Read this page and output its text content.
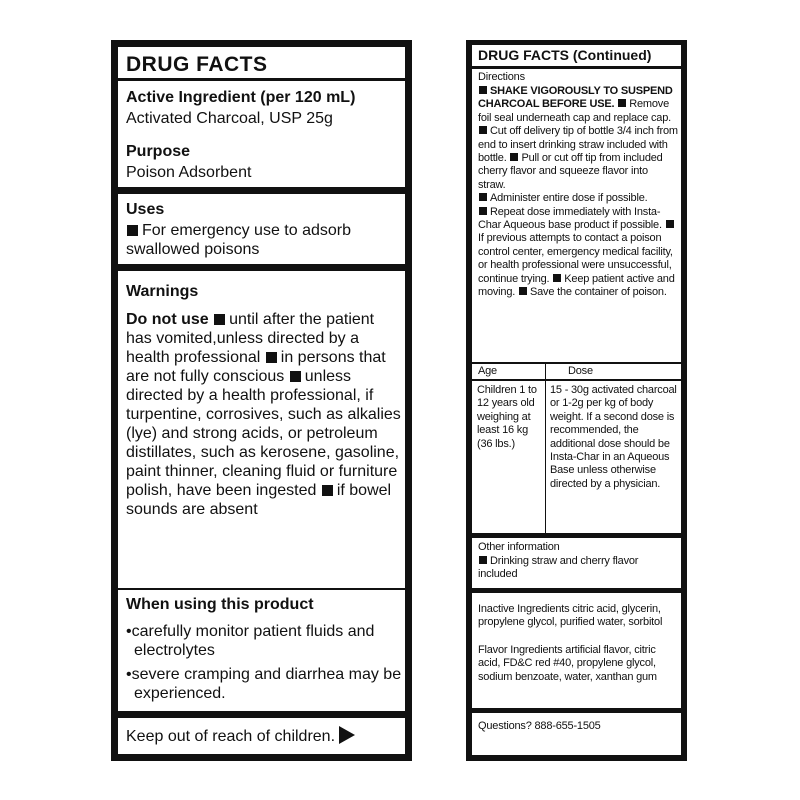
DRUG FACTS
Active Ingredient (per 120 mL)
Activated Charcoal, USP 25g
Purpose
Poison Adsorbent
Uses
For emergency use to adsorb swallowed poisons
Warnings
Do not use until after the patient has vomited,unless directed by a health professional in persons that are not fully conscious unless directed by a health professional, if turpentine, corrosives, such as alkalies (lye) and strong acids, or petroleum distillates, such as kerosene, gasoline, paint thinner, cleaning fluid or furniture polish, have been ingested if bowel sounds are absent
When using this product
•carefully monitor patient fluids and electrolytes
•severe cramping and diarrhea may be experienced.
Keep out of reach of children.
DRUG FACTS (Continued)
Directions
SHAKE VIGOROUSLY TO SUSPEND CHARCOAL BEFORE USE. Remove foil seal underneath cap and replace cap. Cut off delivery tip of bottle 3/4 inch from end to insert drinking straw included with bottle. Pull or cut off tip from included cherry flavor and squeeze flavor into straw.
Administer entire dose if possible.
Repeat dose immediately with Insta-Char Aqueous base product if possible. If previous attempts to contact a poison control center, emergency medical facility, or health professional were unsuccessful, continue trying. Keep patient active and moving. Save the container of poison.
Age	Dose
Children 1 to 12 years old weighing at least 16 kg (36 lbs.)
15 - 30g activated charcoal or 1-2g per kg of body weight. If a second dose is recommended, the additional dose should be Insta-Char in an Aqueous Base unless otherwise directed by a physician.
Other information
Drinking straw and cherry flavor included
Inactive Ingredients citric acid, glycerin, propylene glycol, purified water, sorbitol
Flavor Ingredients artificial flavor, citric acid, FD&C red #40, propylene glycol, sodium benzoate, water, xanthan gum
Questions? 888-655-1505
